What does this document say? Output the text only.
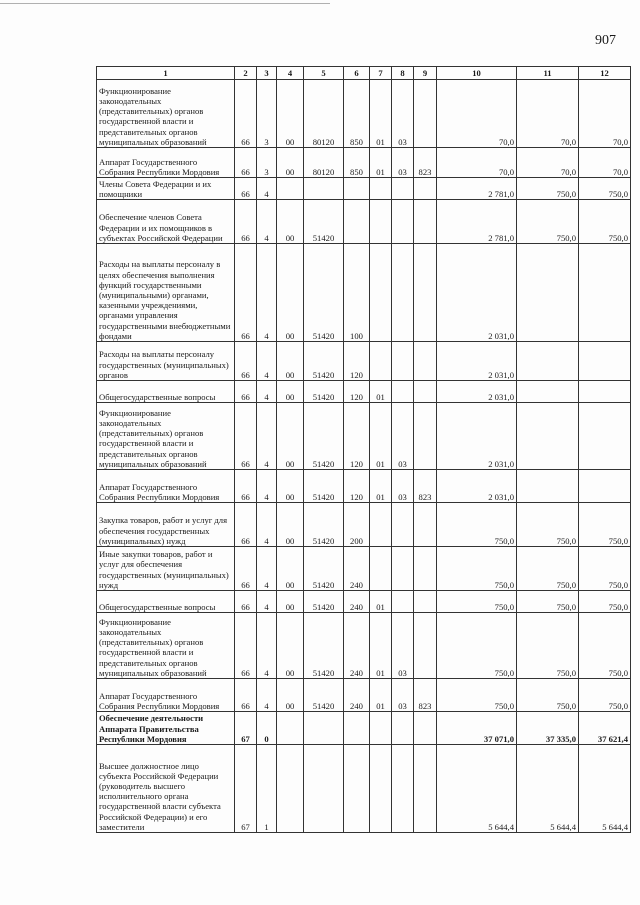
907
1	2	3	4	5	6	7	8	9	10	11	12
Функционирование законодательных (представительных) органов государственной власти и представительных органов муниципальных образований	66	3	00	80120	850	01	03		70,0	70,0	70,0
Аппарат Государственного Собрания Республики Мордовия	66	3	00	80120	850	01	03	823	70,0	70,0	70,0
Члены Совета Федерации и их помощники	66	4							2 781,0	750,0	750,0
Обеспечение членов Совета Федерации и их помощников в субъектах Российской Федерации	66	4	00	51420					2 781,0	750,0	750,0
Расходы на выплаты персоналу в целях обеспечения выполнения функций государственными (муниципальными) органами, казенными учреждениями, органами управления государственными внебюджетными фондами	66	4	00	51420	100				2 031,0		
Расходы на выплаты персоналу государственных (муниципальных) органов	66	4	00	51420	120				2 031,0		
Общегосударственные вопросы	66	4	00	51420	120	01			2 031,0		
Функционирование законодательных (представительных) органов государственной власти и представительных органов муниципальных образований	66	4	00	51420	120	01	03		2 031,0		
Аппарат Государственного Собрания Республики Мордовия	66	4	00	51420	120	01	03	823	2 031,0		
Закупка товаров, работ и услуг для обеспечения государственных (муниципальных) нужд	66	4	00	51420	200				750,0	750,0	750,0
Иные закупки товаров, работ и услуг для обеспечения государственных (муниципальных) нужд	66	4	00	51420	240				750,0	750,0	750,0
Общегосударственные вопросы	66	4	00	51420	240	01			750,0	750,0	750,0
Функционирование законодательных (представительных) органов государственной власти и представительных органов муниципальных образований	66	4	00	51420	240	01	03		750,0	750,0	750,0
Аппарат Государственного Собрания Республики Мордовия	66	4	00	51420	240	01	03	823	750,0	750,0	750,0
Обеспечение деятельности Аппарата Правительства Республики Мордовия	67	0							37 071,0	37 335,0	37 621,4
Высшее должностное лицо субъекта Российской Федерации (руководитель высшего исполнительного органа государственной власти субъекта Российской Федерации) и его заместители	67	1							5 644,4	5 644,4	5 644,4
